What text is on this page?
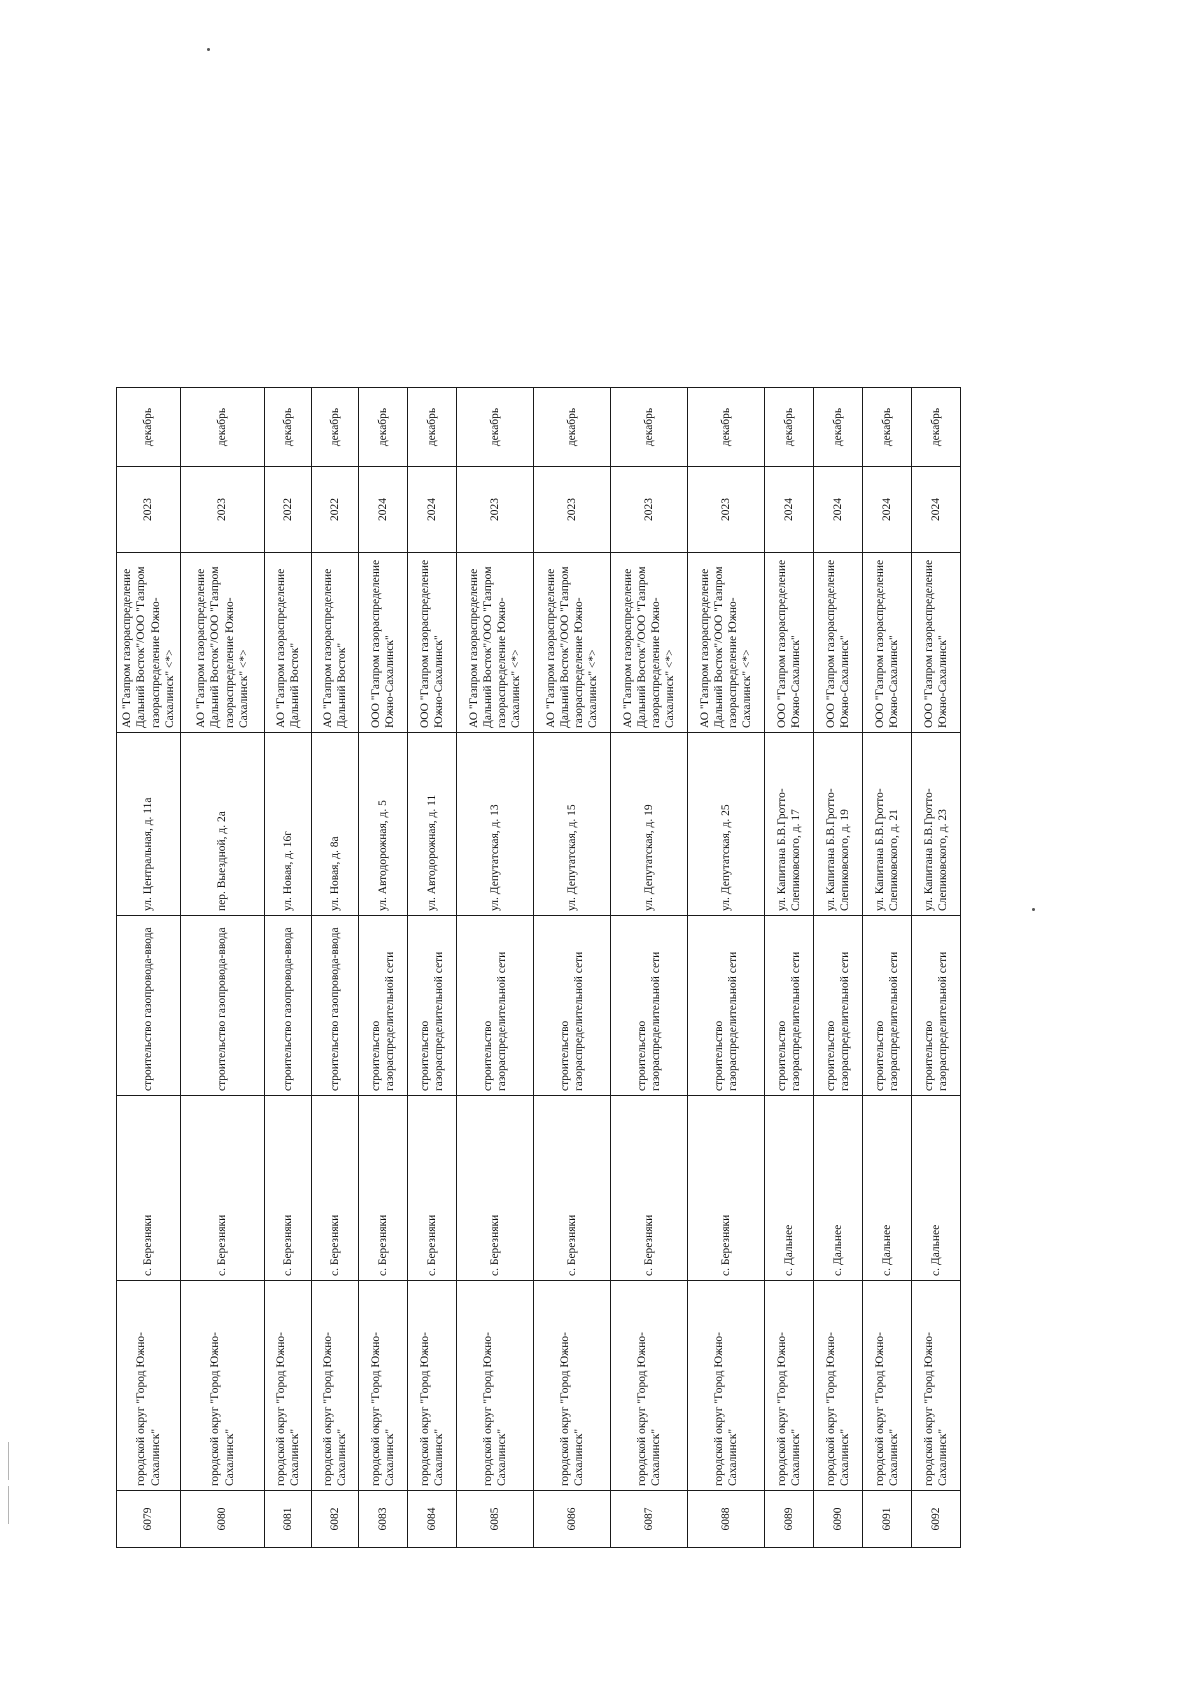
6079	городской округ "Город Южно-Сахалинск"	с. Березняки	строительство газопровода-ввода	ул. Центральная, д. 11а	АО "Газпром газораспределение Дальний Восток"/ООО "Газпром газораспределение Южно-Сахалинск" <*>	2023	декабрь
6080	городской округ "Город Южно-Сахалинск"	с. Березняки	строительство газопровода-ввода	пер. Выездной, д. 2а	АО "Газпром газораспределение Дальний Восток"/ООО "Газпром газораспределение Южно-Сахалинск" <*>	2023	декабрь
6081	городской округ "Город Южно-Сахалинск"	с. Березняки	строительство газопровода-ввода	ул. Новая, д. 16г	АО "Газпром газораспределение Дальний Восток"	2022	декабрь
6082	городской округ "Город Южно-Сахалинск"	с. Березняки	строительство газопровода-ввода	ул. Новая, д. 8а	АО "Газпром газораспределение Дальний Восток"	2022	декабрь
6083	городской округ "Город Южно-Сахалинск"	с. Березняки	строительство газораспределительной сети	ул. Автодорожная, д. 5	ООО "Газпром газораспределение Южно-Сахалинск"	2024	декабрь
6084	городской округ "Город Южно-Сахалинск"	с. Березняки	строительство газораспределительной сети	ул. Автодорожная, д. 11	ООО "Газпром газораспределение Южно-Сахалинск"	2024	декабрь
6085	городской округ "Город Южно-Сахалинск"	с. Березняки	строительство газораспределительной сети	ул. Депутатская, д. 13	АО "Газпром газораспределение Дальний Восток"/ООО "Газпром газораспределение Южно-Сахалинск" <*>	2023	декабрь
6086	городской округ "Город Южно-Сахалинск"	с. Березняки	строительство газораспределительной сети	ул. Депутатская, д. 15	АО "Газпром газораспределение Дальний Восток"/ООО "Газпром газораспределение Южно-Сахалинск" <*>	2023	декабрь
6087	городской округ "Город Южно-Сахалинск"	с. Березняки	строительство газораспределительной сети	ул. Депутатская, д. 19	АО "Газпром газораспределение Дальний Восток"/ООО "Газпром газораспределение Южно-Сахалинск" <*>	2023	декабрь
6088	городской округ "Город Южно-Сахалинск"	с. Березняки	строительство газораспределительной сети	ул. Депутатская, д. 25	АО "Газпром газораспределение Дальний Восток"/ООО "Газпром газораспределение Южно-Сахалинск" <*>	2023	декабрь
6089	городской округ "Город Южно-Сахалинск"	с. Дальнее	строительство газораспределительной сети	ул. Капитана Б.В.Гротто-Слепиковского, д. 17	ООО "Газпром газораспределение Южно-Сахалинск"	2024	декабрь
6090	городской округ "Город Южно-Сахалинск"	с. Дальнее	строительство газораспределительной сети	ул. Капитана Б.В.Гротто-Слепиковского, д. 19	ООО "Газпром газораспределение Южно-Сахалинск"	2024	декабрь
6091	городской округ "Город Южно-Сахалинск"	с. Дальнее	строительство газораспределительной сети	ул. Капитана Б.В.Гротто-Слепиковского, д. 21	ООО "Газпром газораспределение Южно-Сахалинск"	2024	декабрь
6092	городской округ "Город Южно-Сахалинск"	с. Дальнее	строительство газораспределительной сети	ул. Капитана Б.В.Гротто-Слепиковского, д. 23	ООО "Газпром газораспределение Южно-Сахалинск"	2024	декабрь
